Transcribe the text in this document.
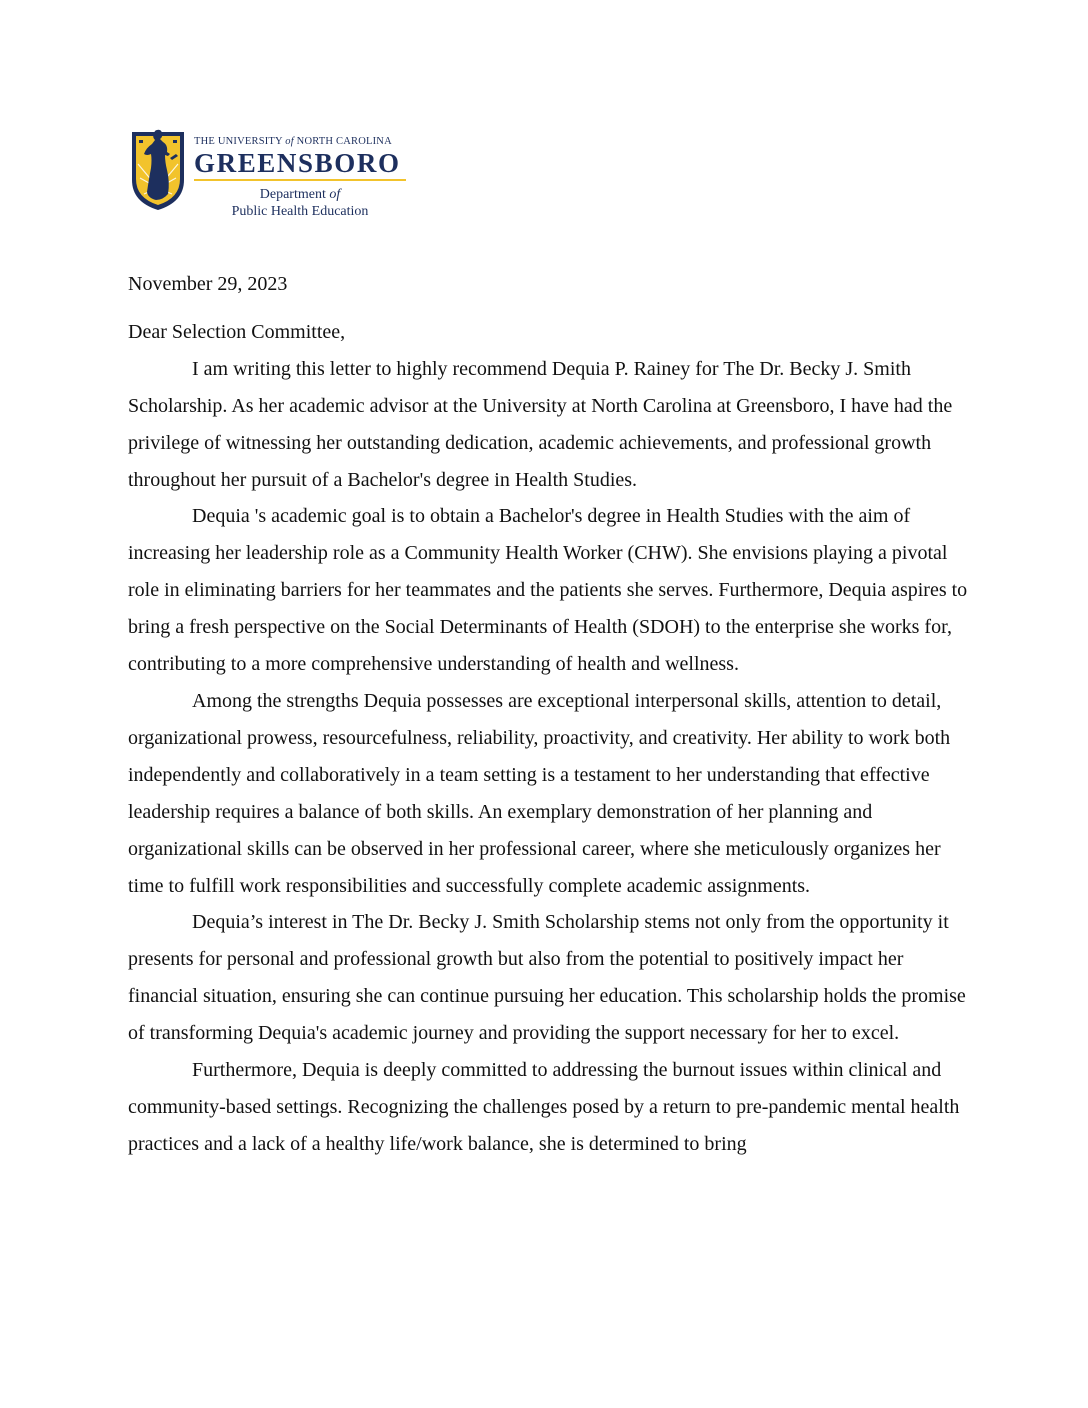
THE UNIVERSITY of NORTH CAROLINA
GREENSBORO
Department of
Public Health Education

November 29, 2023

Dear Selection Committee,

I am writing this letter to highly recommend Dequia P. Rainey for The Dr. Becky J. Smith Scholarship. As her academic advisor at the University at North Carolina at Greensboro, I have had the privilege of witnessing her outstanding dedication, academic achievements, and professional growth throughout her pursuit of a Bachelor's degree in Health Studies.

Dequia 's academic goal is to obtain a Bachelor's degree in Health Studies with the aim of increasing her leadership role as a Community Health Worker (CHW). She envisions playing a pivotal role in eliminating barriers for her teammates and the patients she serves. Furthermore, Dequia aspires to bring a fresh perspective on the Social Determinants of Health (SDOH) to the enterprise she works for, contributing to a more comprehensive understanding of health and wellness.

Among the strengths Dequia possesses are exceptional interpersonal skills, attention to detail, organizational prowess, resourcefulness, reliability, proactivity, and creativity. Her ability to work both independently and collaboratively in a team setting is a testament to her understanding that effective leadership requires a balance of both skills. An exemplary demonstration of her planning and organizational skills can be observed in her professional career, where she meticulously organizes her time to fulfill work responsibilities and successfully complete academic assignments.

Dequia’s interest in The Dr. Becky J. Smith Scholarship stems not only from the opportunity it presents for personal and professional growth but also from the potential to positively impact her financial situation, ensuring she can continue pursuing her education. This scholarship holds the promise of transforming Dequia's academic journey and providing the support necessary for her to excel.

Furthermore, Dequia is deeply committed to addressing the burnout issues within clinical and community-based settings. Recognizing the challenges posed by a return to pre-pandemic mental health practices and a lack of a healthy life/work balance, she is determined to bring
